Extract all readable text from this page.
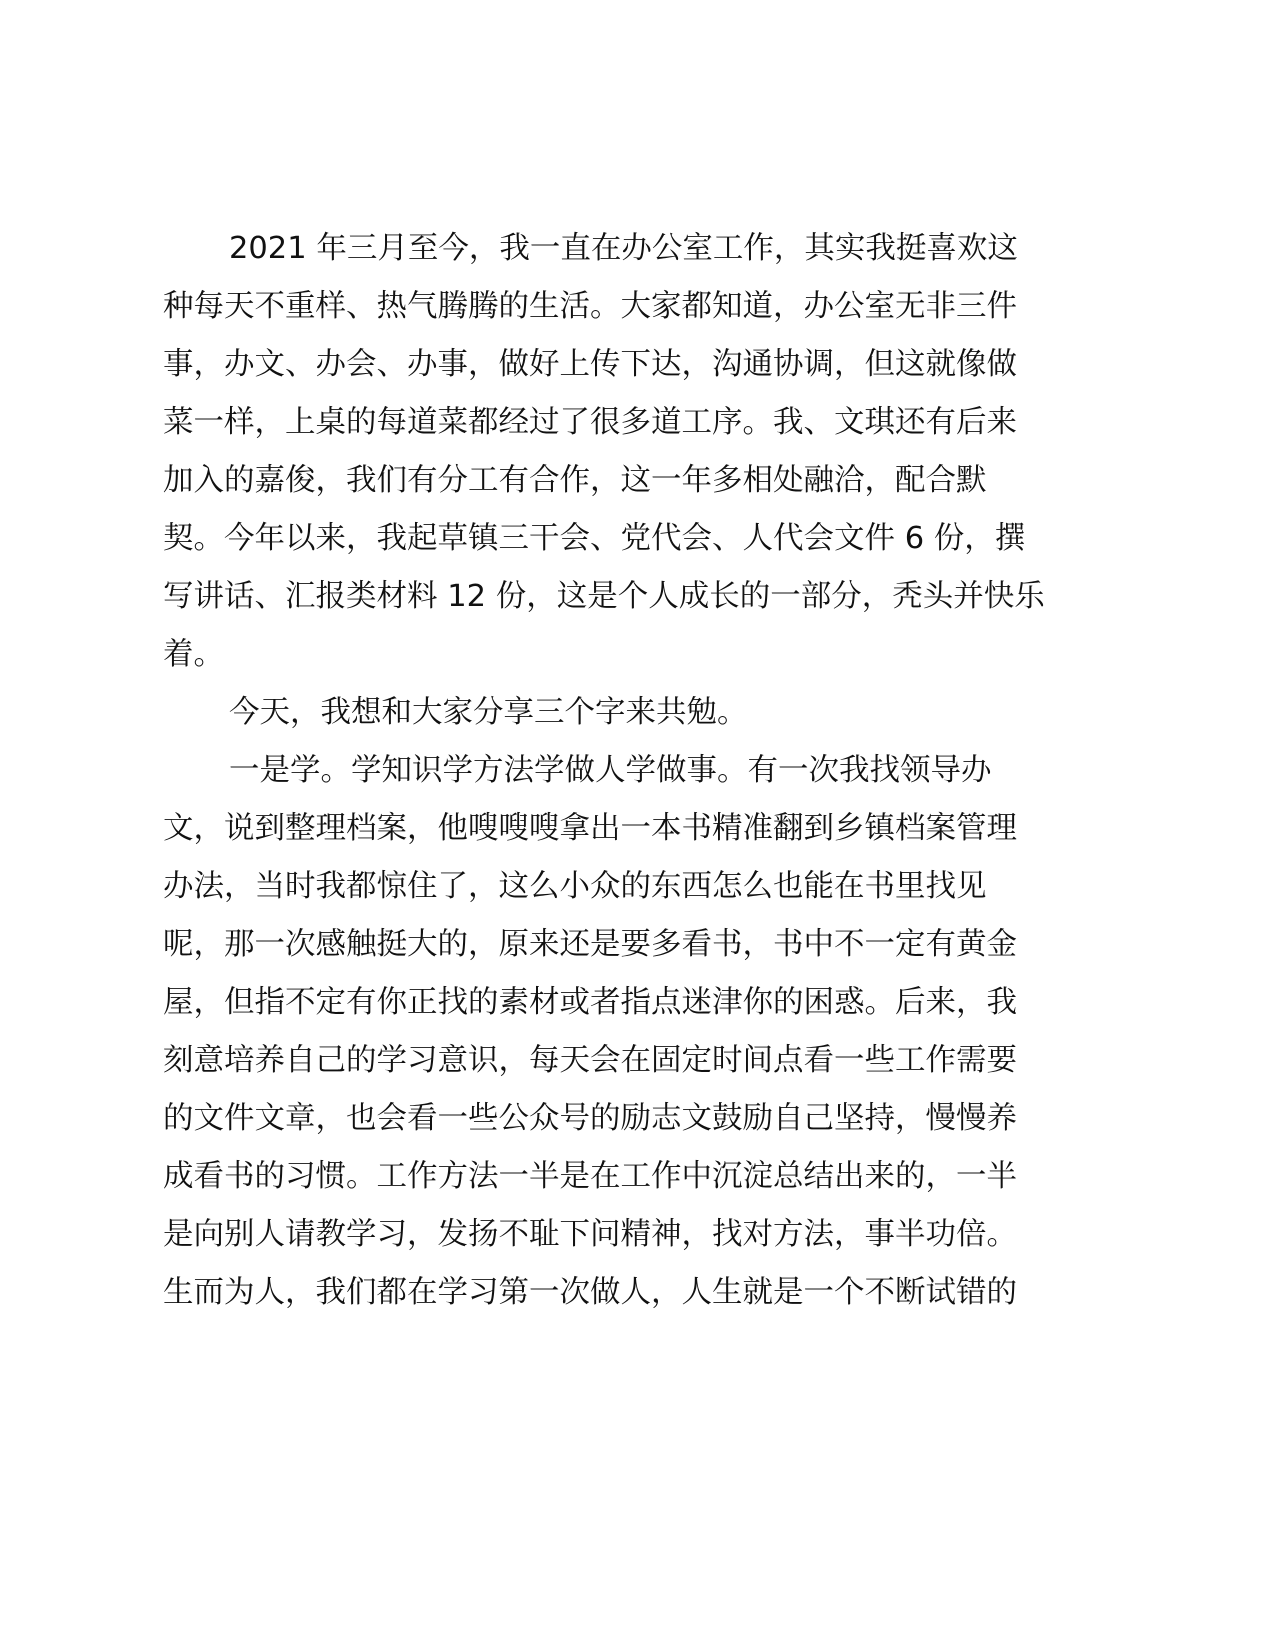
2021 年三月至今，我一直在办公室工作，其实我挺喜欢这
种每天不重样、热气腾腾的生活。大家都知道，办公室无非三件
事，办文、办会、办事，做好上传下达，沟通协调，但这就像做
菜一样，上桌的每道菜都经过了很多道工序。我、文琪还有后来
加入的嘉俊，我们有分工有合作，这一年多相处融洽，配合默
契。今年以来，我起草镇三干会、党代会、人代会文件 6 份，撰
写讲话、汇报类材料 12 份，这是个人成长的一部分，秃头并快乐
着。
今天，我想和大家分享三个字来共勉。
一是学。学知识学方法学做人学做事。有一次我找领导办
文，说到整理档案，他嗖嗖嗖拿出一本书精准翻到乡镇档案管理
办法，当时我都惊住了，这么小众的东西怎么也能在书里找见
呢，那一次感触挺大的，原来还是要多看书，书中不一定有黄金
屋，但指不定有你正找的素材或者指点迷津你的困惑。后来，我
刻意培养自己的学习意识，每天会在固定时间点看一些工作需要
的文件文章，也会看一些公众号的励志文鼓励自己坚持，慢慢养
成看书的习惯。工作方法一半是在工作中沉淀总结出来的，一半
是向别人请教学习，发扬不耻下问精神，找对方法，事半功倍。
生而为人，我们都在学习第一次做人，人生就是一个不断试错的
